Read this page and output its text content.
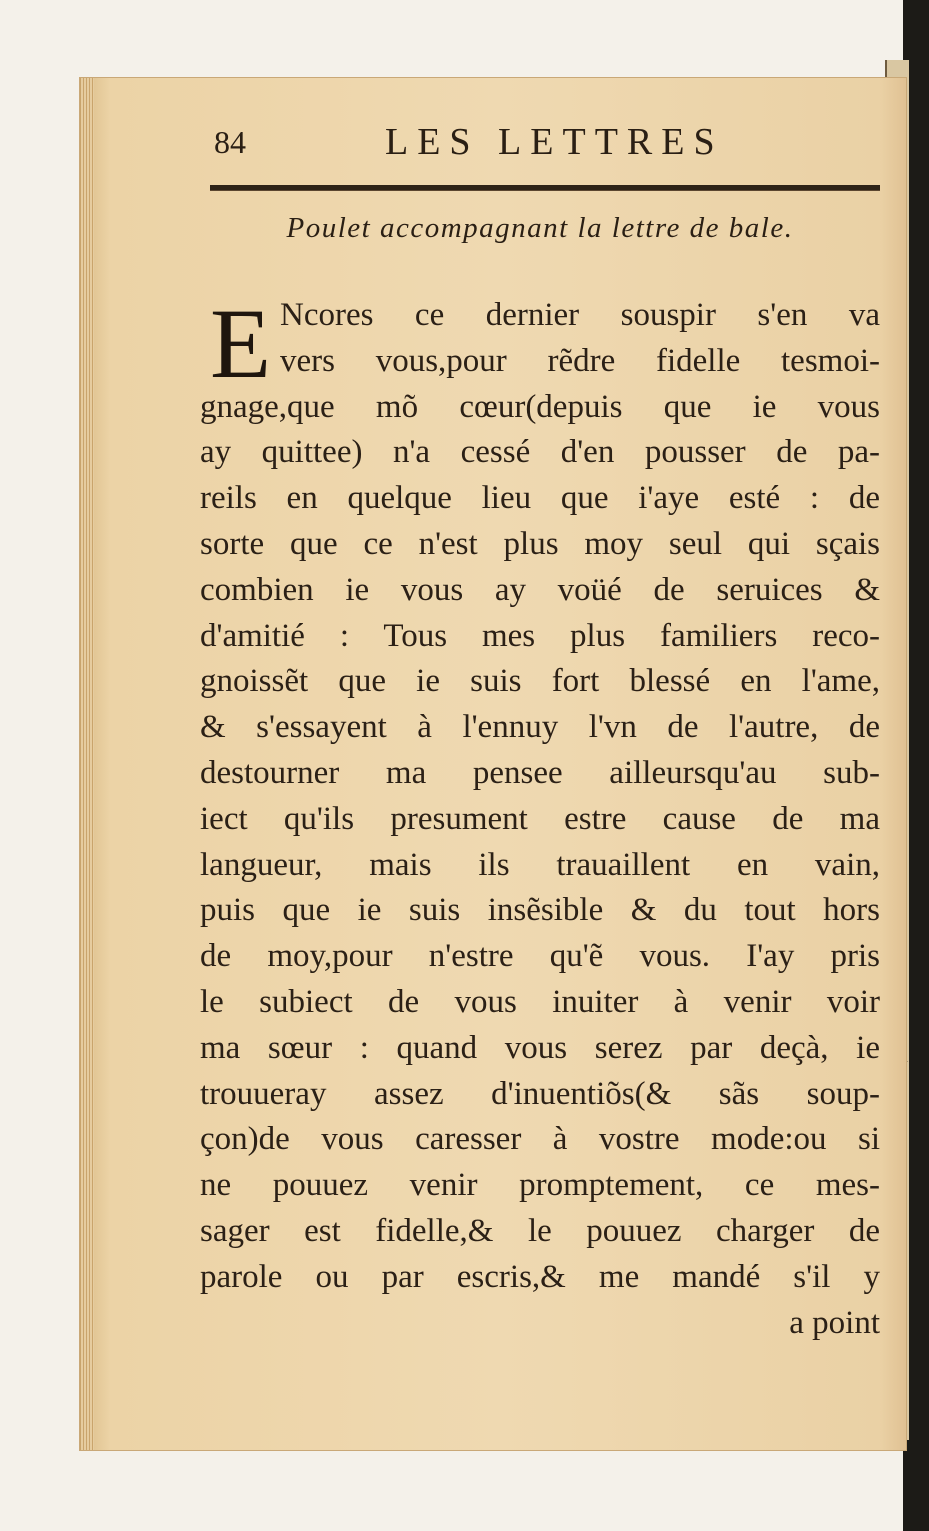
84	LES LETTRES
Poulet accompagnant la lettre de bale.
E Ncores ce dernier souspir s'en va
vers vous,pour rẽdre fidelle tesmoi-
gnage,que mõ cœur(depuis que ie vous
ay quittee) n'a cessé d'en pousser de pa-
reils en quelque lieu que i'aye esté : de
sorte que ce n'est plus moy seul qui sçais
combien ie vous ay voüé de seruices &
d'amitié : Tous mes plus familiers reco-
gnoissẽt que ie suis fort blessé en l'ame,
& s'essayent à l'ennuy l'vn de l'autre, de
destourner ma pensee ailleursqu'au sub-
iect qu'ils presument estre cause de ma
langueur, mais ils trauaillent en vain,
puis que ie suis insẽsible & du tout hors
de moy,pour n'estre qu'ẽ vous. I'ay pris
le subiect de vous inuiter à venir voir
ma sœur : quand vous serez par deçà, ie
trouueray assez d'inuentiõs(& sãs soup-
çon)de vous caresser à vostre mode:ou si
ne pouuez venir promptement, ce mes-
sager est fidelle,& le pouuez charger de
parole ou par escris,& me mandé s'il y
a point
